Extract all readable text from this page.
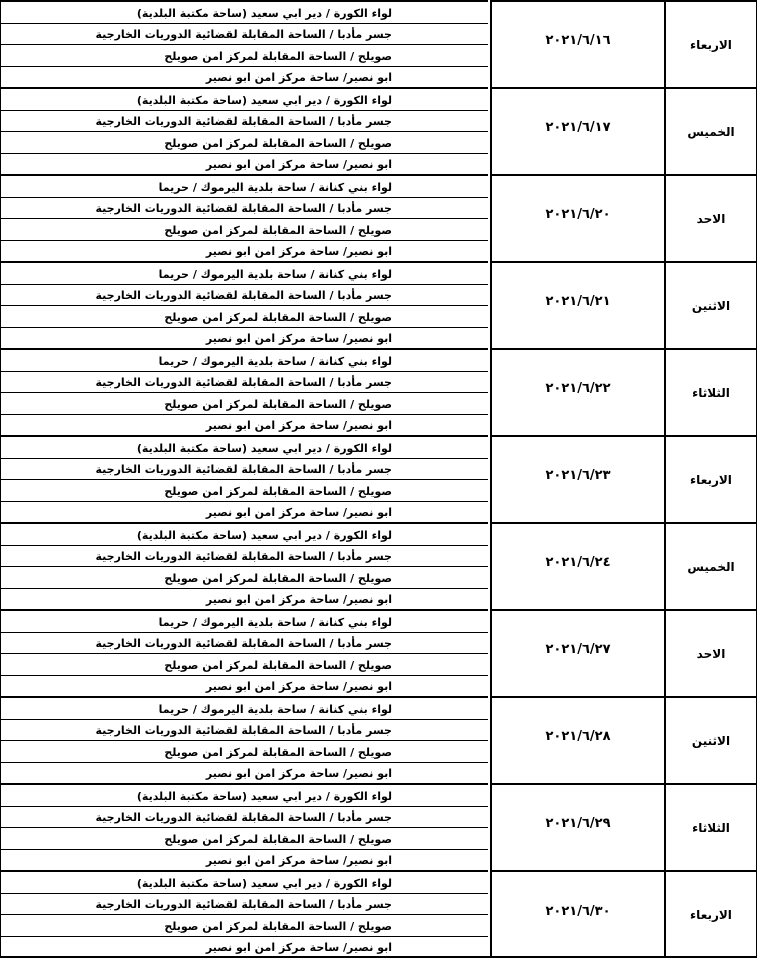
لواء الكورة / دير ابي سعيد (ساحة مكتبة البلدية)
جسر مأدبا / الساحة المقابلة لقضائية الدوريات الخارجية
صويلح / الساحة المقابلة لمركز امن صويلح
ابو نصير/ ساحة مركز امن ابو نصير
٢٠٢١/٦/١٦	الاربعاء
لواء الكورة / دير ابي سعيد (ساحة مكتبة البلدية)
جسر مأدبا / الساحة المقابلة لقضائية الدوريات الخارجية
صويلح / الساحة المقابلة لمركز امن صويلح
ابو نصير/ ساحة مركز امن ابو نصير
٢٠٢١/٦/١٧	الخميس
لواء بني كنانة / ساحة بلدية اليرموك / حريما
جسر مأدبا / الساحة المقابلة لقضائية الدوريات الخارجية
صويلح / الساحة المقابلة لمركز امن صويلح
ابو نصير/ ساحة مركز امن ابو نصير
٢٠٢١/٦/٢٠	الاحد
لواء بني كنانة / ساحة بلدية اليرموك / حريما
جسر مأدبا / الساحة المقابلة لقضائية الدوريات الخارجية
صويلح / الساحة المقابلة لمركز امن صويلح
ابو نصير/ ساحة مركز امن ابو نصير
٢٠٢١/٦/٢١	الاثنين
لواء بني كنانة / ساحة بلدية اليرموك / حريما
جسر مأدبا / الساحة المقابلة لقضائية الدوريات الخارجية
صويلح / الساحة المقابلة لمركز امن صويلح
ابو نصير/ ساحة مركز امن ابو نصير
٢٠٢١/٦/٢٢	الثلاثاء
لواء الكورة / دير ابي سعيد (ساحة مكتبة البلدية)
جسر مأدبا / الساحة المقابلة لقضائية الدوريات الخارجية
صويلح / الساحة المقابلة لمركز امن صويلح
ابو نصير/ ساحة مركز امن ابو نصير
٢٠٢١/٦/٢٣	الاربعاء
لواء الكورة / دير ابي سعيد (ساحة مكتبة البلدية)
جسر مأدبا / الساحة المقابلة لقضائية الدوريات الخارجية
صويلح / الساحة المقابلة لمركز امن صويلح
ابو نصير/ ساحة مركز امن ابو نصير
٢٠٢١/٦/٢٤	الخميس
لواء بني كنانة / ساحة بلدية اليرموك / حريما
جسر مأدبا / الساحة المقابلة لقضائية الدوريات الخارجية
صويلح / الساحة المقابلة لمركز امن صويلح
ابو نصير/ ساحة مركز امن ابو نصير
٢٠٢١/٦/٢٧	الاحد
لواء بني كنانة / ساحة بلدية اليرموك / حريما
جسر مأدبا / الساحة المقابلة لقضائية الدوريات الخارجية
صويلح / الساحة المقابلة لمركز امن صويلح
ابو نصير/ ساحة مركز امن ابو نصير
٢٠٢١/٦/٢٨	الاثنين
لواء الكورة / دير ابي سعيد (ساحة مكتبة البلدية)
جسر مأدبا / الساحة المقابلة لقضائية الدوريات الخارجية
صويلح / الساحة المقابلة لمركز امن صويلح
ابو نصير/ ساحة مركز امن ابو نصير
٢٠٢١/٦/٢٩	الثلاثاء
لواء الكورة / دير ابي سعيد (ساحة مكتبة البلدية)
جسر مأدبا / الساحة المقابلة لقضائية الدوريات الخارجية
صويلح / الساحة المقابلة لمركز امن صويلح
ابو نصير/ ساحة مركز امن ابو نصير
٢٠٢١/٦/٣٠	الاربعاء
